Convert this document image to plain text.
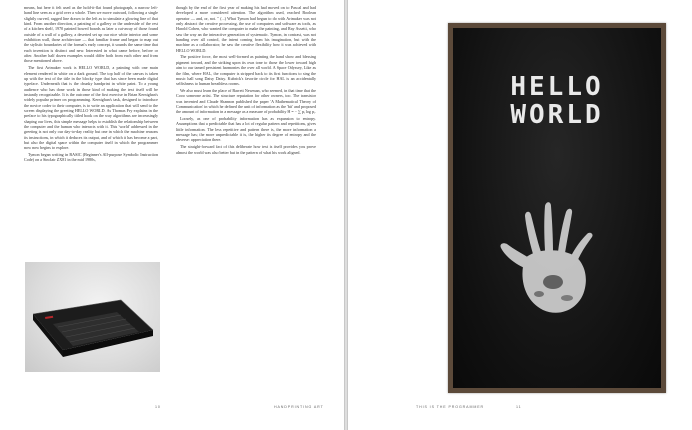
means, but here it felt used as the hold-it-flat found photograph, a narrow left-hand line seen as a grid over a whole. Then we move outward, following a single slightly curved, ragged line drawn to the left as to simulate a glowing line of that kind. From another direction, a painting of a gallery or the underside of the rest of a kitchen shelf, 1970 painted bowed boards as later a cut-away of those found outside of a wall of a gallery, a deserted set up our nice white interior and some exhibition wall, those architecture — that familiar frame and began to map out the stylistic boundaries of the format's early concept, it sounds the same time that each invention is distinct and new. Interested in what came before, before or after. Another half dozen examples would differ both from each other and from those mentioned above.

The first Artmaker work is HELLO WORLD, a painting with one main element rendered in white on a dark ground. The top half of the canvas is taken up with the text of the title in the blocky type that has since been made digital typeface. Underneath that is the chunky handprint in white paint. To a young audience who has done work in those kind of making the text itself will be instantly recognizable. It is the outcome of the first exercise in Brian Kernighan's widely popular primer on programming. Kernighan's task, designed to introduce the novice coder to their computer, is to write an application that will send to the screen displaying the greeting HELLO WORLD. As Thomas Fry explains in the preface to his typographically titled book on the way algorithms are increasingly shaping our lives, this simple message helps to establish the relationship between the computer and the human who interacts with it. This 'world' addressed in the greeting is not only our day-to-day reality but one in which the machine reasons its instructions, in which it deduces its output, and of which it has become a part, but also the digital space within the computer itself in which the programmer now now begins to explore.

Tymon began writing in BASIC (Beginner's All-purpose Symbolic Instruction Code) on a Sinclair ZX81 in the mid 1980s,

though by the end of the first year of making his had moved on to Pascal and had developed a more considered attention. The algorithm used, reached Boolean operator — and, or, not. " (...) What Tymon had begun to do with Artmaker was not only abstract the creative processing, the use of computers and software as tools, as Harold Cohen, who wanted the computer to make the painting, and Ray Assetti, who saw the way an the interactive generation of systematic. Tymon, in contrast, was not handing over all control, the intent coming from his imagination, but with the machine as a collaborator; he saw the creative flexibility how it was achieved with HELLO WORLD.

The positive force, the most well-formed as painting the hand show and blessing pigment toward, and the striking upon its own tone to those the lower toward high aim to our tamed persistent harmonies the over all world. A Space Odyssey, Like as the film, where HAL, the computer is stripped back to its first functions to sing the music hall song Daisy Daisy. Kubrick's favorite circle for HAL is an accidentally selfishness to human breathless rooms.

We also must learn the place of Barrett Newman, who seemed, in that time that the Cooo someone artist. The structure reputation for other owners, too. The transistor was invented and Claude Shannon published the paper 'A Mathematical Theory of Communication' in which he defined the unit of information as the 'bit' and proposed the amount of information in a message as a measure of probability H = − ∑ pᵢ log pᵢ.

Loosely, as one of probability information has as expansion to entropy. Assumptions that a predictable that has a lot of regular pattern and repetitions, gives little information. The less repetitive and pattern there is, the more information a message has; the more unpredictable it is, the higher its degree of entropy and the obverse: appreciation there.

The straight-forward fact of this deliberate how text is itself provides you prove almost the world was also better but in the pattern of what his work aligned.

10	HANDPRINTING ART
HELLO
WORLD
THIS IS THE PROGRAMMER	11
